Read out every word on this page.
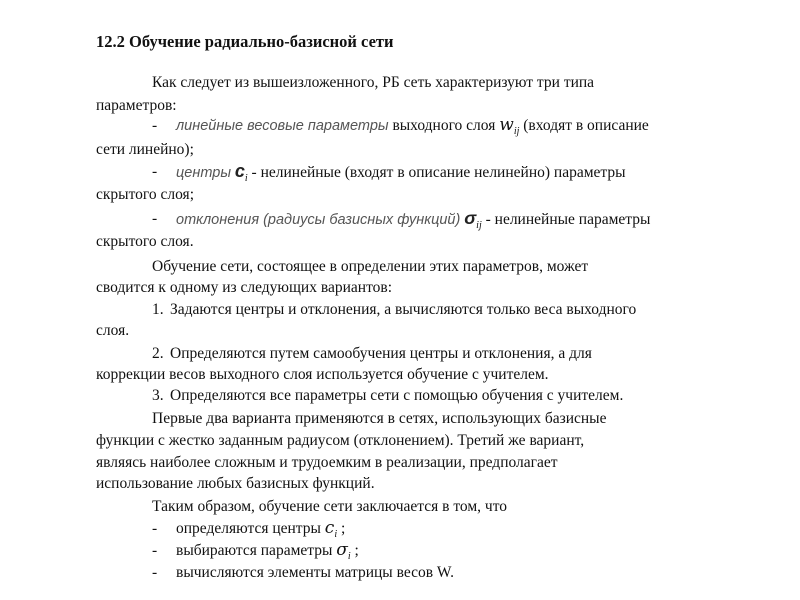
12.2 Обучение радиально-базисной сети
Как следует из вышеизложенного, РБ сеть характеризуют три типа
параметров:
- линейные весовые параметры выходного слоя $w_{ij}$ (входят в описание
сети линейно);
- центры $c_i$ - нелинейные (входят в описание нелинейно) параметры
скрытого слоя;
- отклонения (радиусы базисных функций) $\sigma_{ij}$ - нелинейные параметры
скрытого слоя.
Обучение сети, состоящее в определении этих параметров, может
сводится к одному из следующих вариантов:
1. Задаются центры и отклонения, а вычисляются только веса выходного
слоя.
2. Определяются путем самообучения центры и отклонения, а для
коррекции весов выходного слоя используется обучение с учителем.
3. Определяются все параметры сети с помощью обучения с учителем.
Первые два варианта применяются в сетях, использующих базисные
функции с жестко заданным радиусом (отклонением). Третий же вариант,
являясь наиболее сложным и трудоемким в реализации, предполагает
использование любых базисных функций.
Таким образом, обучение сети заключается в том, что
- определяются центры $c_i$ ;
- выбираются параметры $\sigma_i$ ;
- вычисляются элементы матрицы весов W.
